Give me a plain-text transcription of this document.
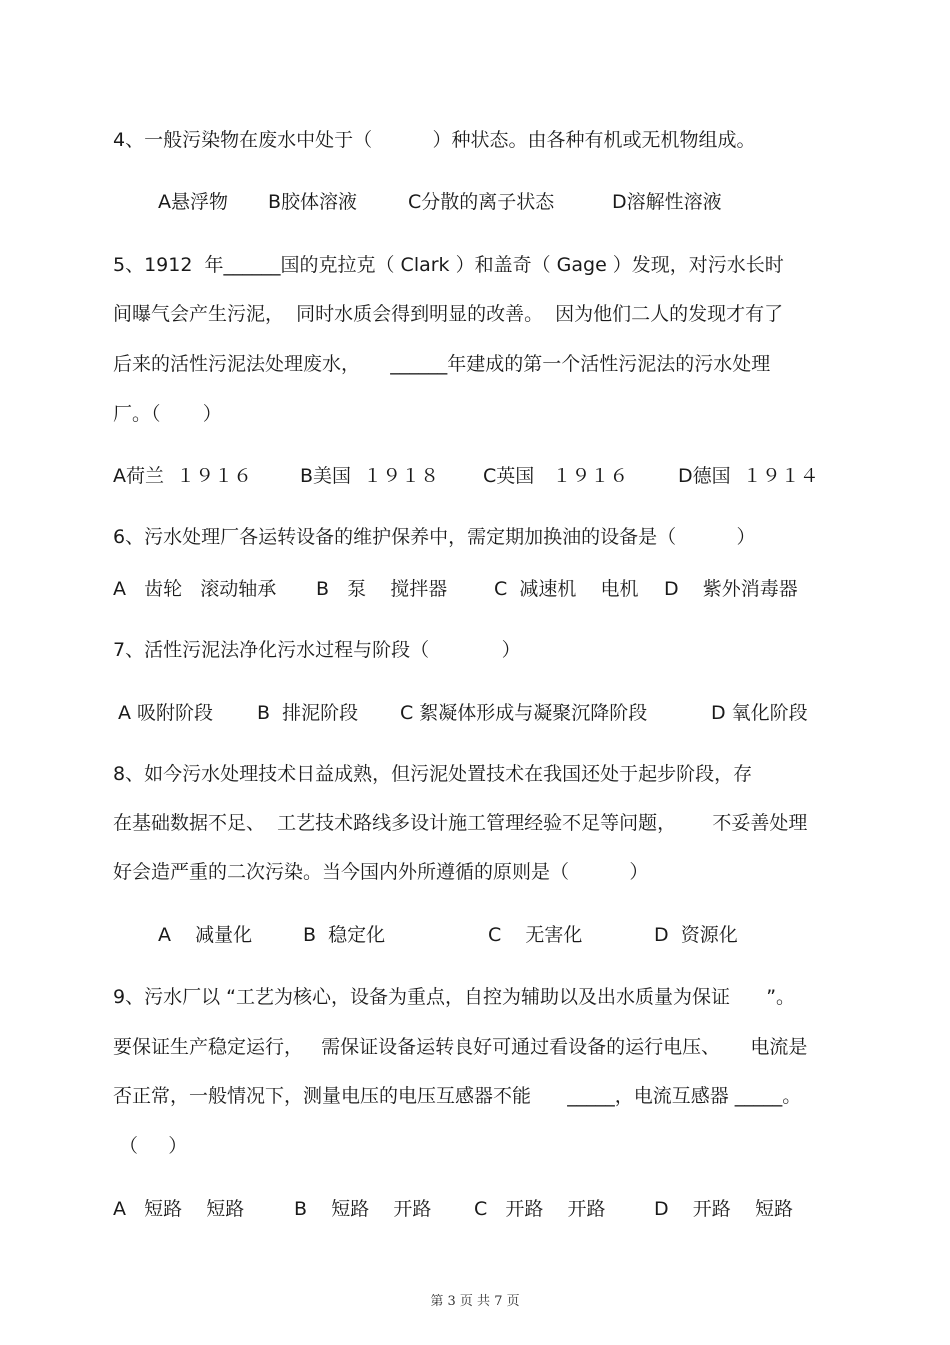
4、一般污染物在废水中处于（          ）种状态。由各种有机或无机物组成。

A悬浮物

B胶体溶液

	C分散的离子状态

	D溶解性溶液

5、1912  年______国的克拉克（ Clark ）和盖奇（ Gage ）发现，对污水长时
间曝气会产生污泥，  同时水质会得到明显的改善。  因为他们二人的发现才有了
后来的活性污泥法处理废水，     ______年建成的第一个活性污泥法的污水处理
厂。（       ）

A荷兰  １９１６

	B美国  １９１８

C英国   １９１６

	D德国  １９１４

6、污水处理厂各运转设备的维护保养中，需定期加换油的设备是（          ）

A   齿轮   滚动轴承

B   泵    搅拌器

C  减速机    电机

D    紫外消毒器

7、活性污泥法净化污水过程与阶段（            ）

A 吸附阶段

B  排泥阶段

C 絮凝体形成与凝聚沉降阶段

	D 氧化阶段

8、如今污水处理技术日益成熟，但污泥处置技术在我国还处于起步阶段，存
在基础数据不足、  工艺技术路线多设计施工管理经验不足等问题，      不妥善处理
好会造严重的二次污染。当今国内外所遵循的原则是（          ）

A    减量化

	B  稳定化

	C    无害化

	D  资源化

9、污水厂以 “工艺为核心，设备为重点，自控为辅助以及出水质量为保证      ”。
要保证生产稳定运行，   需保证设备运转良好可通过看设备的运行电压、     电流是
否正常，一般情况下，测量电压的电压互感器不能      _____，电流互感器 _____。
（     ）

A   短路    短路

	B    短路    开路

C   开路    开路

	D    开路    短路

第 3 页 共 7 页
